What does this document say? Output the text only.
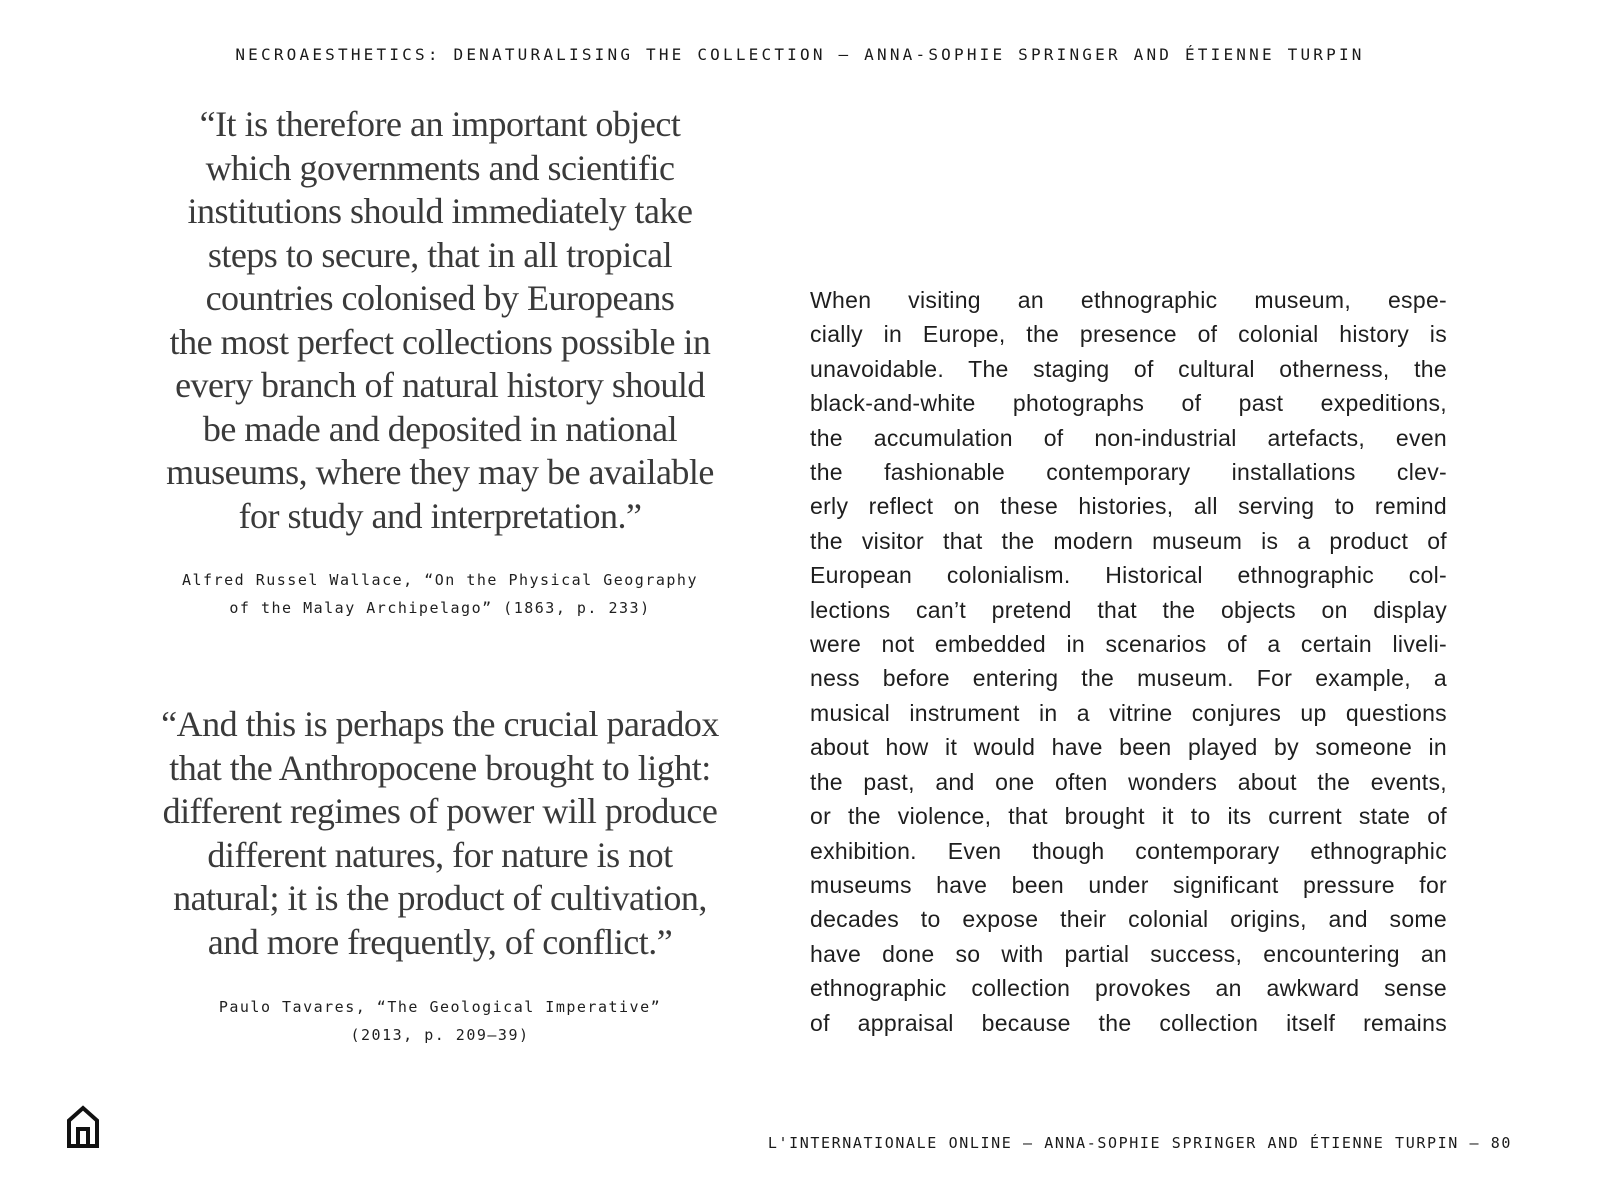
NECROAESTHETICS: DENATURALISING THE COLLECTION – ANNA-SOPHIE SPRINGER AND ÉTIENNE TURPIN
“It is therefore an important object
which governments and scientific
institutions should immediately take
steps to secure, that in all tropical
countries colonised by Europeans
the most perfect collections possible in
every branch of natural history should
be made and deposited in national
museums, where they may be available
for study and interpretation.”
Alfred Russel Wallace, “On the Physical Geography
of the Malay Archipelago” (1863, p. 233)
“And this is perhaps the crucial paradox
that the Anthropocene brought to light:
different regimes of power will produce
different natures, for nature is not
natural; it is the product of cultivation,
and more frequently, of conflict.”
Paulo Tavares, “The Geological Imperative”
(2013, p. 209–39)
When visiting an ethnographic museum, espe-
cially in Europe, the presence of colonial history is
unavoidable. The staging of cultural otherness, the
black-and-white photographs of past expeditions,
the accumulation of non-industrial artefacts, even
the fashionable contemporary installations clev-
erly reflect on these histories, all serving to remind
the visitor that the modern museum is a product of
European colonialism. Historical ethnographic col-
lections can’t pretend that the objects on display
were not embedded in scenarios of a certain liveli-
ness before entering the museum. For example, a
musical instrument in a vitrine conjures up questions
about how it would have been played by someone in
the past, and one often wonders about the events,
or the violence, that brought it to its current state of
exhibition. Even though contemporary ethnographic
museums have been under significant pressure for
decades to expose their colonial origins, and some
have done so with partial success, encountering an
ethnographic collection provokes an awkward sense
of appraisal because the collection itself remains
L'INTERNATIONALE ONLINE – ANNA-SOPHIE SPRINGER AND ÉTIENNE TURPIN – 80
